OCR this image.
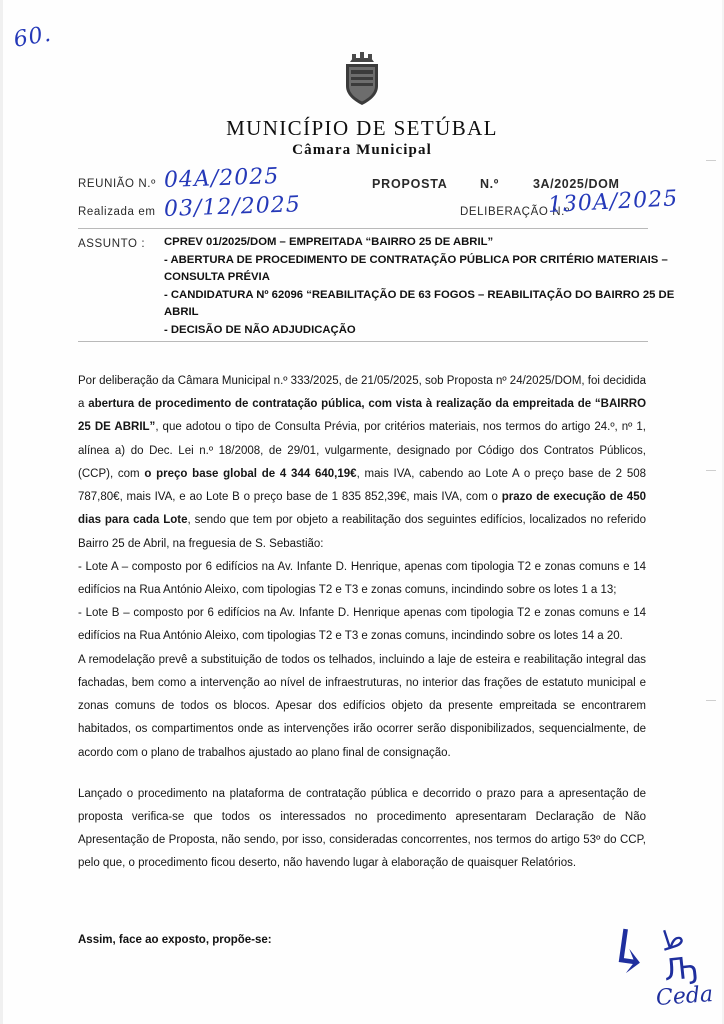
60.
MUNICÍPIO DE SETÚBAL
Câmara Municipal
REUNIÃO N.º 04A/2025
Realizada em 03/12/2025
PROPOSTA	N.º	3A/2025/DOM
DELIBERAÇÃO N.º
130A/2025
ASSUNTO : CPREV 01/2025/DOM – EMPREITADA “BAIRRO 25 DE ABRIL”
- ABERTURA DE PROCEDIMENTO DE CONTRATAÇÃO PÚBLICA POR CRITÉRIO MATERIAIS – CONSULTA PRÉVIA
- CANDIDATURA Nº 62096 “REABILITAÇÃO DE 63 FOGOS – REABILITAÇÃO DO BAIRRO 25 DE ABRIL
- DECISÃO DE NÃO ADJUDICAÇÃO

Por deliberação da Câmara Municipal n.º 333/2025, de 21/05/2025, sob Proposta nº 24/2025/DOM, foi decidida a abertura de procedimento de contratação pública, com vista à realização da empreitada de “BAIRRO 25 DE ABRIL”, que adotou o tipo de Consulta Prévia, por critérios materiais, nos termos do artigo 24.º, nº 1, alínea a) do Dec. Lei n.º 18/2008, de 29/01, vulgarmente, designado por Código dos Contratos Públicos, (CCP), com o preço base global de 4 344 640,19€, mais IVA, cabendo ao Lote A o preço base de 2 508 787,80€, mais IVA, e ao Lote B o preço base de 1 835 852,39€, mais IVA, com o prazo de execução de 450 dias para cada Lote, sendo que tem por objeto a reabilitação dos seguintes edifícios, localizados no referido Bairro 25 de Abril, na freguesia de S. Sebastião:

- Lote A – composto por 6 edifícios na Av. Infante D. Henrique, apenas com tipologia T2 e zonas comuns e 14 edifícios na Rua António Aleixo, com tipologias T2 e T3 e zonas comuns, incindindo sobre os lotes 1 a 13;

- Lote B – composto por 6 edifícios na Av. Infante D. Henrique apenas com tipologia T2 e zonas comuns e 14 edifícios na Rua António Aleixo, com tipologias T2 e T3 e zonas comuns, incindindo sobre os lotes 14 a 20.

A remodelação prevê a substituição de todos os telhados, incluindo a laje de esteira e reabilitação integral das fachadas, bem como a intervenção ao nível de infraestruturas, no interior das frações de estatuto municipal e zonas comuns de todos os blocos. Apesar dos edifícios objeto da presente empreitada se encontrarem habitados, os compartimentos onde as intervenções irão ocorrer serão disponibilizados, sequencialmente, de acordo com o plano de trabalhos ajustado ao plano final de consignação.

Lançado o procedimento na plataforma de contratação pública e decorrido o prazo para a apresentação de proposta verifica-se que todos os interessados no procedimento apresentaram Declaração de Não Apresentação de Proposta, não sendo, por isso, consideradas concorrentes, nos termos do artigo 53º do CCP, pelo que, o procedimento ficou deserto, não havendo lugar à elaboração de quaisquer Relatórios.

Assim, face ao exposto, propõe-se:	↳
ط
Ԡ
Ceda
